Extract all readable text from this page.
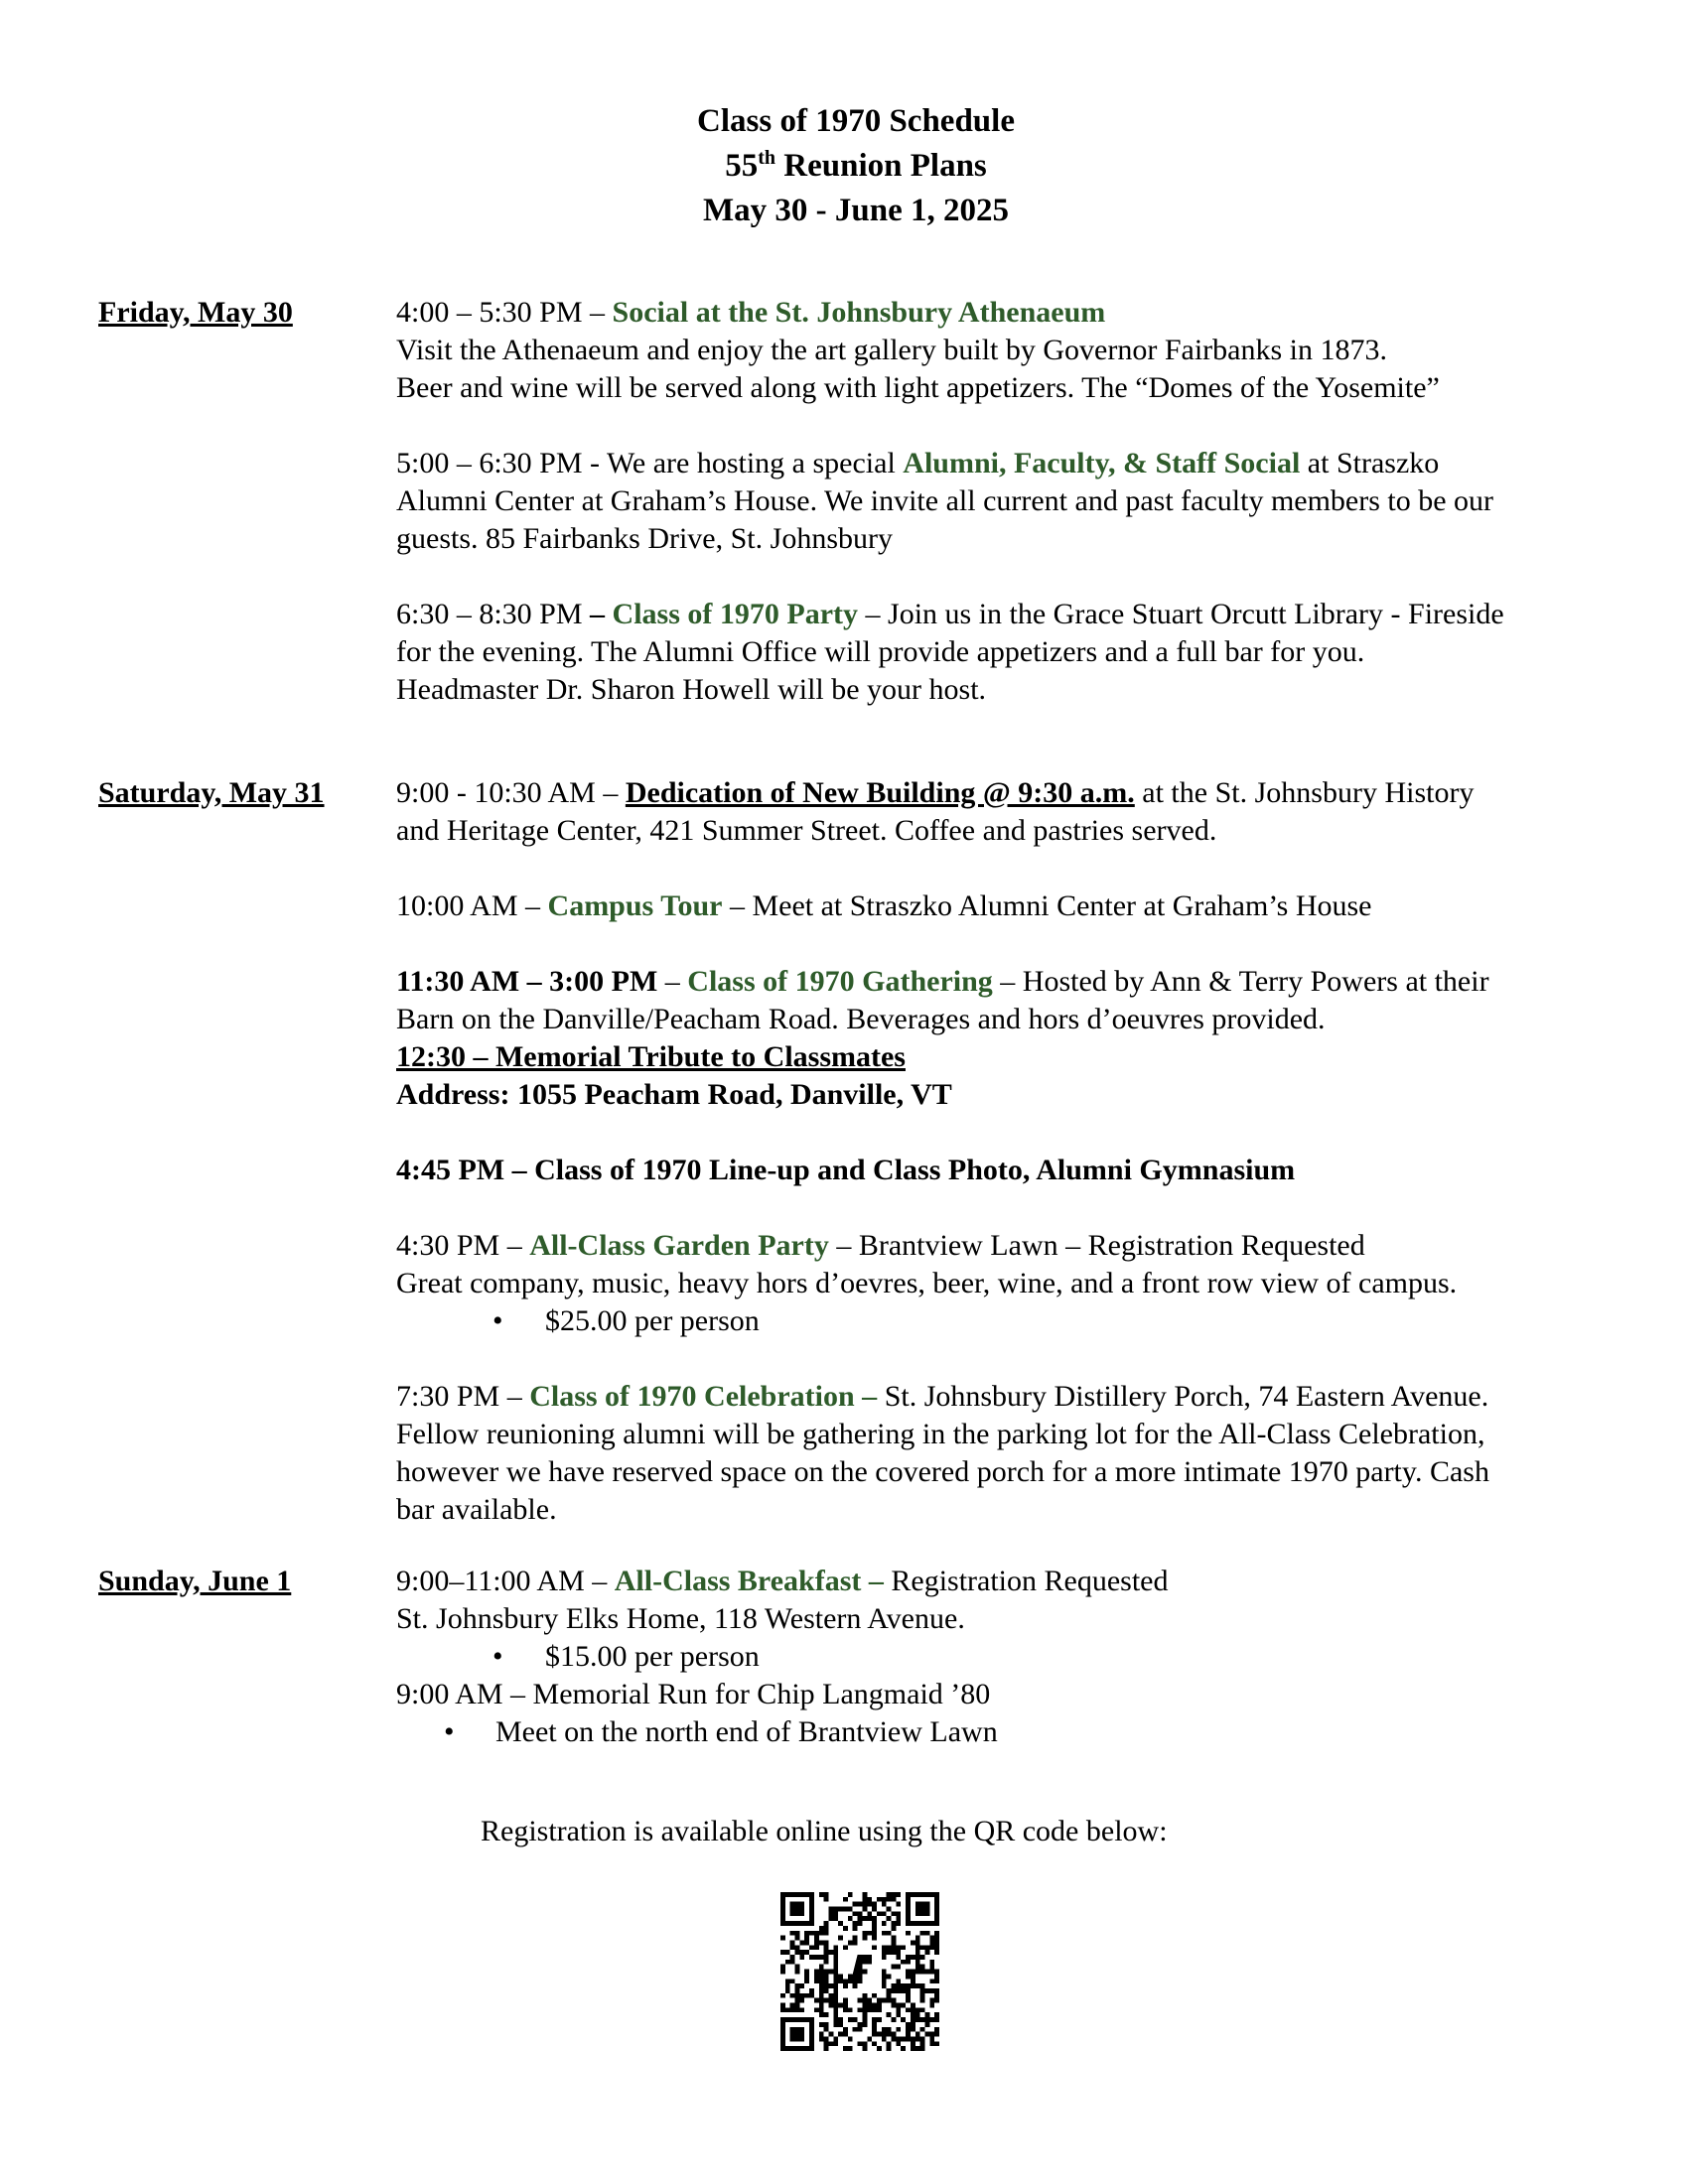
Class of 1970 Schedule
55th Reunion Plans
May 30 - June 1, 2025
Friday, May 30	4:00 – 5:30 PM – Social at the St. Johnsbury Athenaeum
Visit the Athenaeum and enjoy the art gallery built by Governor Fairbanks in 1873.
Beer and wine will be served along with light appetizers. The “Domes of the Yosemite”
5:00 – 6:30 PM - We are hosting a special Alumni, Faculty, & Staff Social at Straszko
Alumni Center at Graham’s House. We invite all current and past faculty members to be our
guests. 85 Fairbanks Drive, St. Johnsbury
6:30 – 8:30 PM – Class of 1970 Party – Join us in the Grace Stuart Orcutt Library - Fireside
for the evening. The Alumni Office will provide appetizers and a full bar for you.
Headmaster Dr. Sharon Howell will be your host.
Saturday, May 31 9:00 - 10:30 AM – Dedication of New Building @ 9:30 a.m. at the St. Johnsbury History
and Heritage Center, 421 Summer Street. Coffee and pastries served.
10:00 AM – Campus Tour – Meet at Straszko Alumni Center at Graham’s House
11:30 AM – 3:00 PM – Class of 1970 Gathering – Hosted by Ann & Terry Powers at their
Barn on the Danville/Peacham Road. Beverages and hors d’oeuvres provided.
12:30 – Memorial Tribute to Classmates
Address: 1055 Peacham Road, Danville, VT
4:45 PM – Class of 1970 Line-up and Class Photo, Alumni Gymnasium
4:30 PM – All-Class Garden Party – Brantview Lawn – Registration Requested
Great company, music, heavy hors d’oevres, beer, wine, and a front row view of campus.
• $25.00 per person
7:30 PM – Class of 1970 Celebration – St. Johnsbury Distillery Porch, 74 Eastern Avenue.
Fellow reunioning alumni will be gathering in the parking lot for the All-Class Celebration,
however we have reserved space on the covered porch for a more intimate 1970 party. Cash
bar available.
Sunday, June 1	9:00–11:00 AM – All-Class Breakfast – Registration Requested
St. Johnsbury Elks Home, 118 Western Avenue.
• $15.00 per person
9:00 AM – Memorial Run for Chip Langmaid ’80
• Meet on the north end of Brantview Lawn
Registration is available online using the QR code below:
